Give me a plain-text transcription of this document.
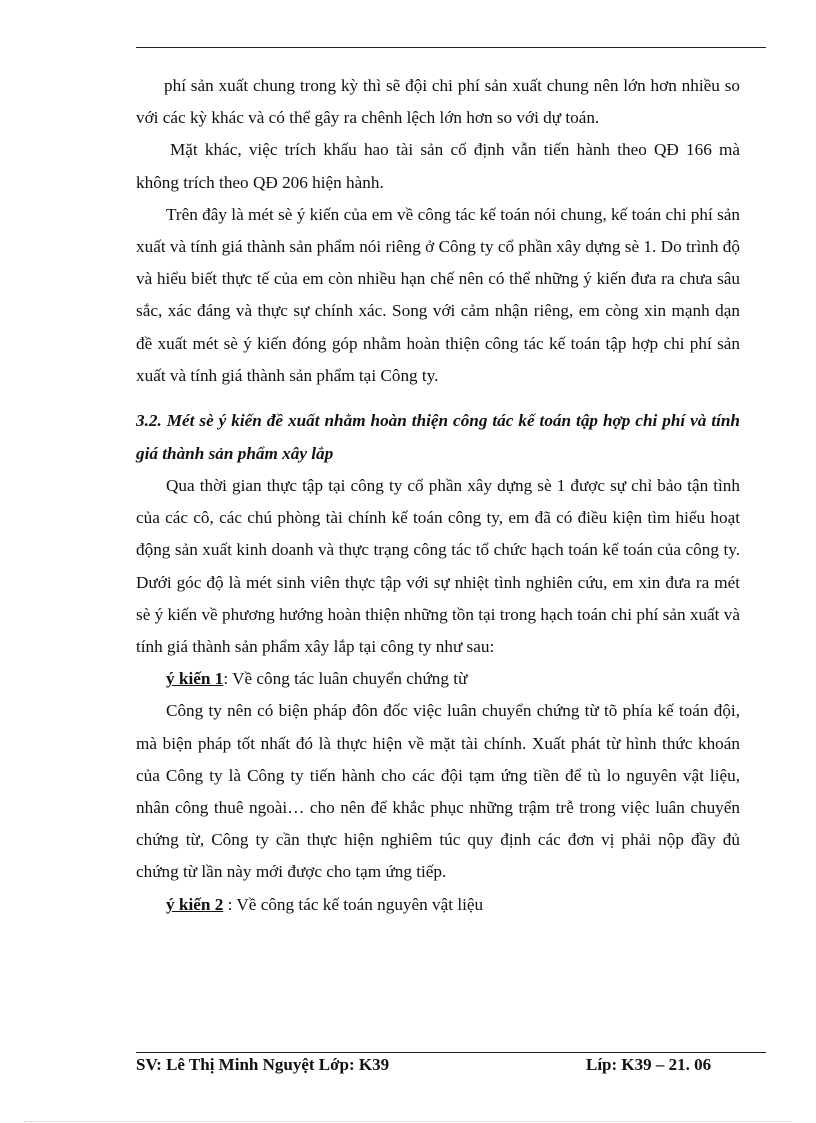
phí sản xuất chung trong kỳ thì sẽ đội chi phí sản xuất chung nên lớn hơn nhiều so với các kỳ khác và có thể gây ra chênh lệch lớn hơn so với dự toán.

Mặt khác, việc trích khấu hao tài sản cố định vẫn tiến hành theo QĐ 166 mà không trích theo QĐ 206 hiện hành.

Trên đây là mét sè ý kiến của em về công tác kế toán nói chung, kế toán chi phí sản xuất và tính giá thành sản phẩm nói riêng ở Công ty cổ phần xây dựng sè 1. Do trình độ và hiểu biết thực tế của em còn nhiều hạn chế nên có thể những ý kiến đưa ra chưa sâu sắc, xác đáng và thực sự chính xác. Song với cảm nhận riêng, em còng xin mạnh dạn đề xuất mét sè ý kiến đóng góp nhằm hoàn thiện công tác kế toán tập hợp chi phí sản xuất và tính giá thành sản phẩm tại Công ty.

3.2. Mét sè ý kiến đề xuất nhằm hoàn thiện công tác kế toán tập hợp chi phí và tính giá thành sản phẩm xây lắp

Qua thời gian thực tập tại công ty cổ phần xây dựng sè 1 được sự chỉ bảo tận tình của các cô, các chú phòng tài chính kế toán công ty, em đã có điều kiện tìm hiểu hoạt động sản xuất kinh doanh và thực trạng công tác tổ chức hạch toán kế toán của công ty. Dưới góc độ là mét sinh viên thực tập với sự nhiệt tình nghiên cứu, em xin đưa ra mét sè ý kiến về phương hướng hoàn thiện những tồn tại trong hạch toán chi phí sản xuất và tính giá thành sản phẩm xây lắp tại công ty như sau:

ý kiến 1: Về công tác luân chuyển chứng từ

Công ty nên có biện pháp đôn đốc việc luân chuyển chứng từ tõ phía kế toán đội, mà biện pháp tốt nhất đó là thực hiện về mặt tài chính. Xuất phát từ hình thức khoán của Công ty là Công ty tiến hành cho các đội tạm ứng tiền để tù lo nguyên vật liệu, nhân công thuê ngoài… cho nên để khắc phục những trậm trễ trong việc luân chuyển chứng từ, Công ty cần thực hiện nghiêm túc quy định các đơn vị phải nộp đầy đủ chứng từ lần này mới được cho tạm ứng tiếp.

ý kiến 2 : Về công tác kế toán nguyên vật liệu

SV: Lê Thị Minh Nguyệt Lớp: K39	Líp: K39 – 21. 06
